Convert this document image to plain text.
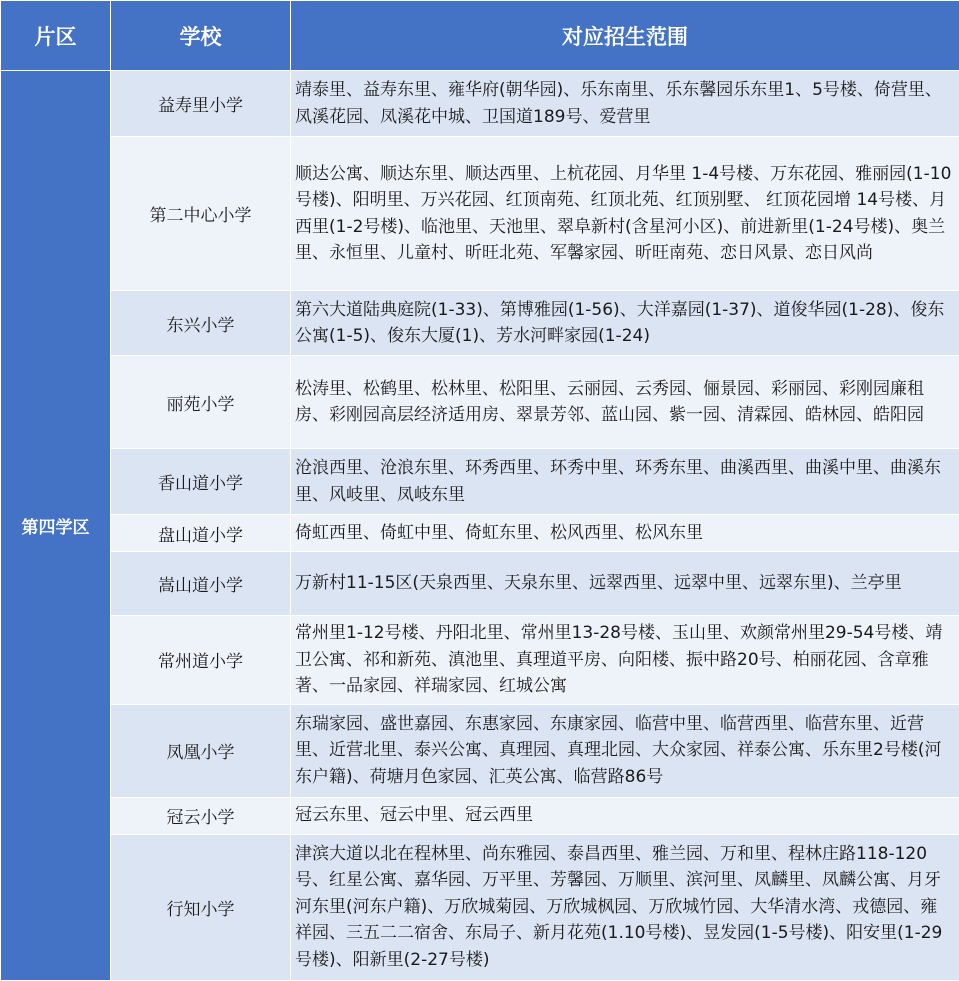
片区	学校	对应招生范围
第四学区	益寿里小学	靖泰里、益寿东里、雍华府(朝华园)、乐东南里、乐东馨园乐东里1、5号楼、倚营里、凤溪花园、凤溪花中城、卫国道189号、爱营里
	第二中心小学	顺达公寓、顺达东里、顺达西里、上杭花园、月华里 1-4号楼、万东花园、雅丽园(1-10号楼)、阳明里、万兴花园、红顶南苑、红顶北苑、红顶别墅、 红顶花园增 14号楼、月西里(1-2号楼)、临池里、天池里、翠阜新村(含星河小区)、前进新里(1-24号楼)、奥兰里、永恒里、儿童村、昕旺北苑、军馨家园、昕旺南苑、恋日风景、恋日风尚
	东兴小学	第六大道陆典庭院(1-33)、第博雅园(1-56)、大洋嘉园(1-37)、道俊华园(1-28)、俊东公寓(1-5)、俊东大厦(1)、芳水河畔家园(1-24)
	丽苑小学	松涛里、松鹤里、松林里、松阳里、云丽园、云秀园、俪景园、彩丽园、彩刚园廉租房、彩刚园高层经济适用房、翠景芳邻、蓝山园、紫一园、清霖园、皓林园、皓阳园
	香山道小学	沧浪西里、沧浪东里、环秀西里、环秀中里、环秀东里、曲溪西里、曲溪中里、曲溪东里、风岐里、凤岐东里
	盘山道小学	倚虹西里、倚虹中里、倚虹东里、松风西里、松风东里
	嵩山道小学	万新村11-15区(天泉西里、天泉东里、远翠西里、远翠中里、远翠东里)、兰亭里
	常州道小学	常州里1-12号楼、丹阳北里、常州里13-28号楼、玉山里、欢颜常州里29-54号楼、靖卫公寓、祁和新苑、滇池里、真理道平房、向阳楼、振中路20号、柏丽花园、含章雅著、一品家园、祥瑞家园、红城公寓
	凤凰小学	东瑞家园、盛世嘉园、东惠家园、东康家园、临营中里、临营西里、临营东里、近营里、近营北里、泰兴公寓、真理园、真理北园、大众家园、祥泰公寓、乐东里2号楼(河东户籍)、荷塘月色家园、汇英公寓、临营路86号
	冠云小学	冠云东里、冠云中里、冠云西里
	行知小学	津滨大道以北在程林里、尚东雅园、泰昌西里、雅兰园、万和里、程林庄路118-120号、红星公寓、嘉华园、万平里、芳馨园、万顺里、滨河里、凤麟里、凤麟公寓、月牙河东里(河东户籍)、万欣城菊园、万欣城枫园、万欣城竹园、大华清水湾、戎德园、雍祥园、三五二二宿舍、东局子、新月花苑(1.10号楼)、昱发园(1-5号楼)、阳安里(1-29号楼)、阳新里(2-27号楼)
